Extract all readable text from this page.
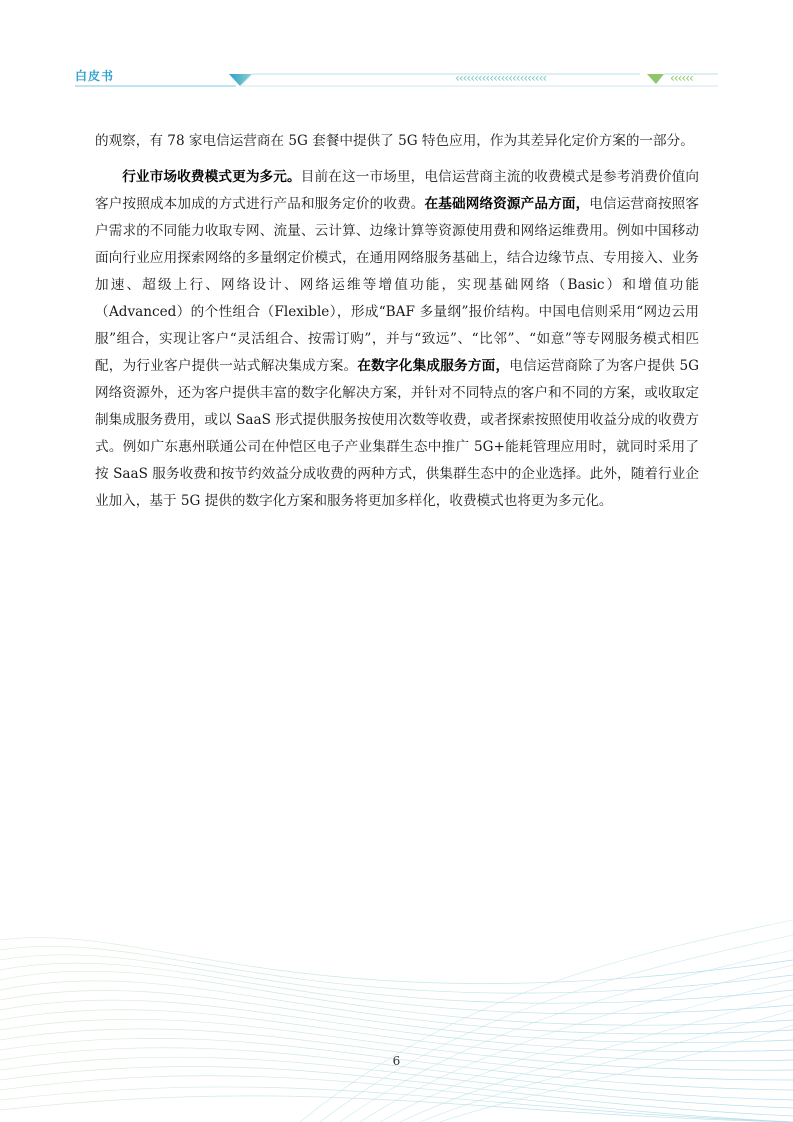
白皮书	‹‹‹‹‹‹‹‹‹‹‹‹‹‹‹‹‹‹‹‹‹‹‹‹	‹‹‹‹‹‹

的观察，有 78 家电信运营商在 5G 套餐中提供了 5G 特色应用，作为其差异化定价方案的一部分。

行业市场收费模式更为多元。目前在这一市场里，电信运营商主流的收费模式是参考消费价值向客户按照成本加成的方式进行产品和服务定价的收费。在基础网络资源产品方面，电信运营商按照客户需求的不同能力收取专网、流量、云计算、边缘计算等资源使用费和网络运维费用。例如中国移动面向行业应用探索网络的多量纲定价模式，在通用网络服务基础上，结合边缘节点、专用接入、业务加速、超级上行、网络设计、网络运维等增值功能，实现基础网络（Basic）和增值功能（Advanced）的个性组合（Flexible），形成“BAF 多量纲”报价结构。中国电信则采用“网边云用服”组合，实现让客户“灵活组合、按需订购”，并与“致远”、“比邻”、“如意”等专网服务模式相匹配，为行业客户提供一站式解决集成方案。在数字化集成服务方面，电信运营商除了为客户提供 5G 网络资源外，还为客户提供丰富的数字化解决方案，并针对不同特点的客户和不同的方案，或收取定制集成服务费用，或以 SaaS 形式提供服务按使用次数等收费，或者探索按照使用收益分成的收费方式。例如广东惠州联通公司在仲恺区电子产业集群生态中推广 5G+能耗管理应用时，就同时采用了按 SaaS 服务收费和按节约效益分成收费的两种方式，供集群生态中的企业选择。此外，随着行业企业加入，基于 5G 提供的数字化方案和服务将更加多样化，收费模式也将更为多元化。

6
